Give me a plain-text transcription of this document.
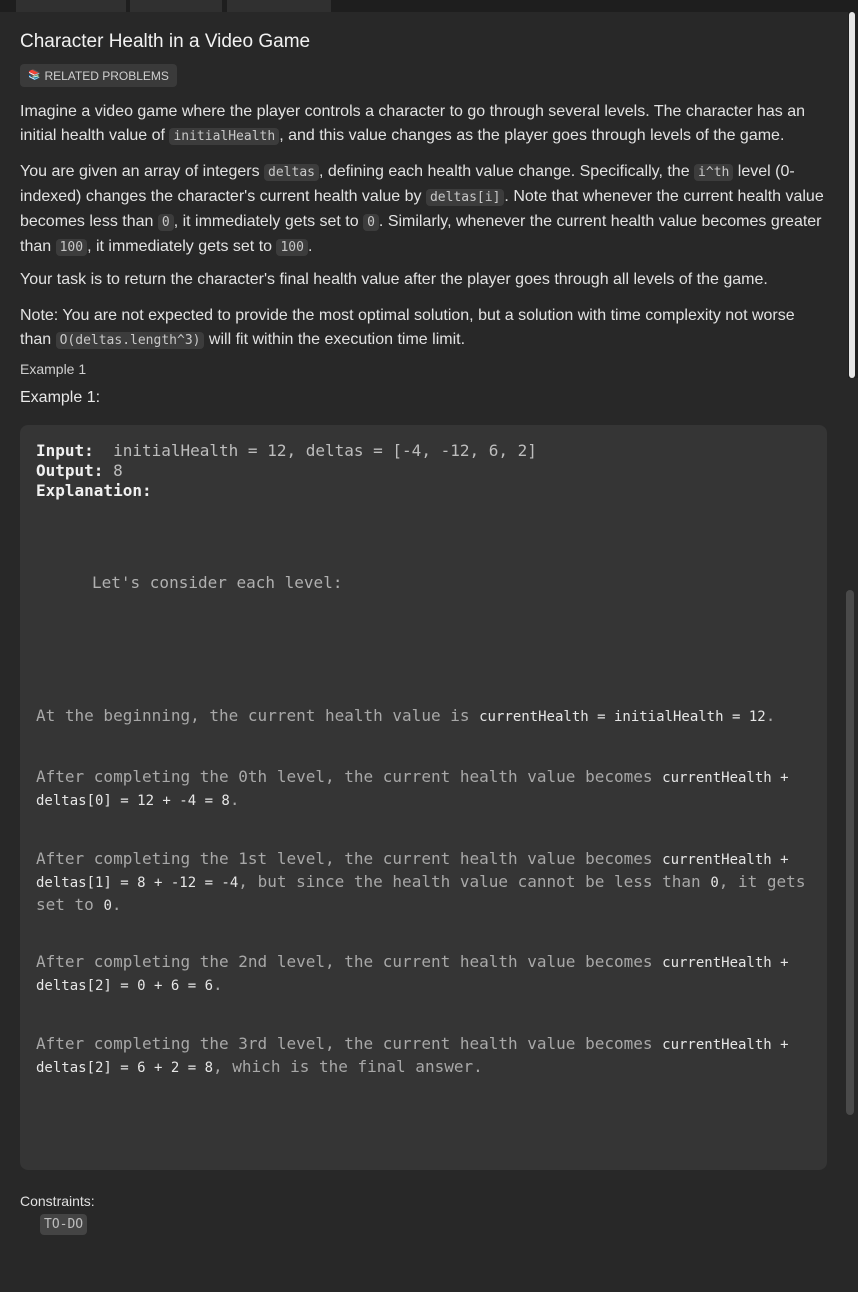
Character Health in a Video Game
📚 RELATED PROBLEMS

Imagine a video game where the player controls a character to go through several levels. The character has an initial health value of initialHealth , and this value changes as the player goes through levels of the game.

You are given an array of integers deltas , defining each health value change. Specifically, the i^th level (0-indexed) changes the character's current health value by deltas[i] . Note that whenever the current health value becomes less than 0 , it immediately gets set to 0 . Similarly, whenever the current health value becomes greater than 100 , it immediately gets set to 100 .

Your task is to return the character's final health value after the player goes through all levels of the game.

Note: You are not expected to provide the most optimal solution, but a solution with time complexity not worse than O(deltas.length^3) will fit within the execution time limit.

Example 1:
Input: initialHealth = 12, deltas = [-4, -12, 6, 2]
Output: 8
Explanation:
Let's consider each level:

At the beginning, the current health value is currentHealth = initialHealth = 12.

After completing the 0th level, the current health value becomes currentHealth +
deltas[0] = 12 + -4 = 8.

After completing the 1st level, the current health value becomes currentHealth +
deltas[1] = 8 + -12 = -4, but since the health value cannot be less than 0, it gets set to 0.

After completing the 2nd level, the current health value becomes currentHealth +
deltas[2] = 0 + 6 = 6.

After completing the 3rd level, the current health value becomes currentHealth +
deltas[2] = 6 + 2 = 8, which is the final answer.

Constraints:
TO-DO
